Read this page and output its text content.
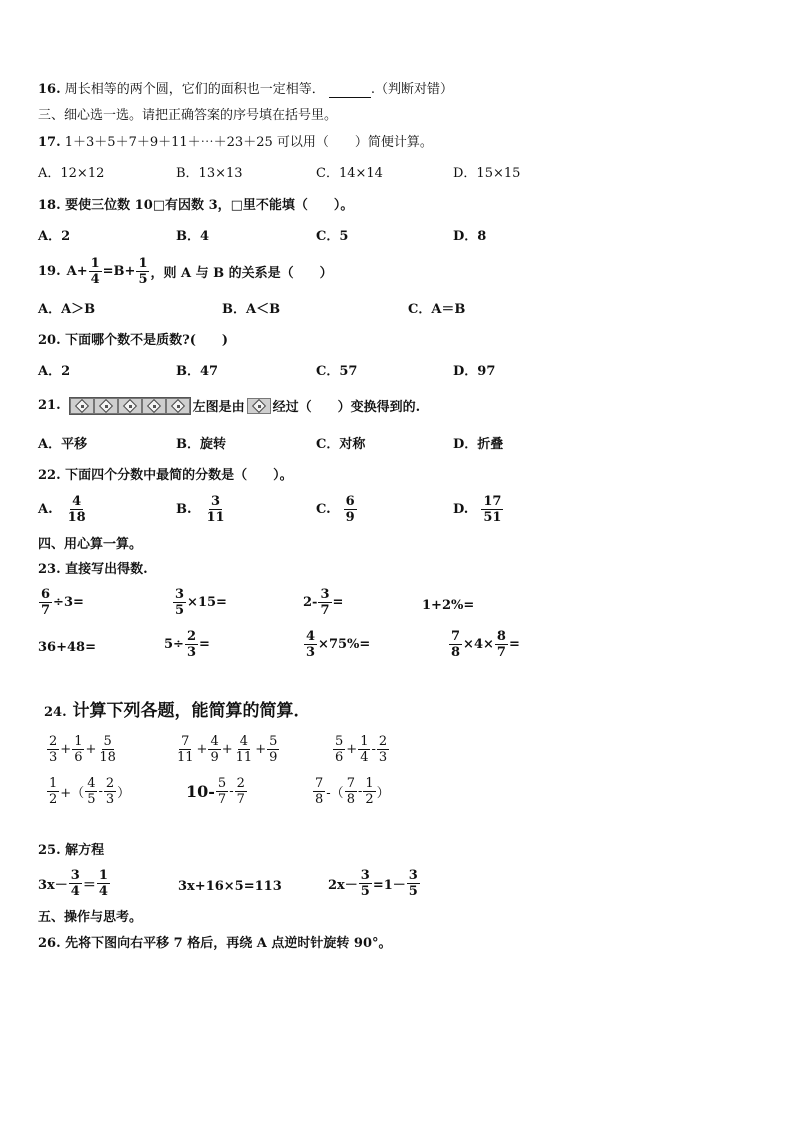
16. 周长相等的两个圆，它们的面积也一定相等．	.（判断对错）
三、细心选一选。请把正确答案的序号填在括号里。
17. 1＋3＋5＋7＋9＋11＋⋯＋23＋25 可以用（　　）简便计算。
A．12×12	B．13×13	C．14×14	D．15×15
18. 要使三位数 10□有因数 3，□里不能填（　　）。
A．2	B．4	C．5	D．8
19. $A+ \frac{1}{4} =B+ \frac{1}{5}$ ，则 A 与 B 的关系是（　　）
A．A＞B	B．A＜B	C．A＝B
20. 下面哪个数不是质数?(　　)
A．2	B．47	C．57	D．97
21.	左图是由 经过（　　）变换得到的.
A．平移	B．旋转	C．对称	D．折叠
22. 下面四个分数中最简的分数是（　　）。
A. $\frac{4}{18}$	B. $\frac{3}{11}$	C. $\frac{6}{9}$	D. $\frac{17}{51}$
四、用心算一算。
23. 直接写出得数.
$\frac{6}{7} \div 3=$	$\frac{3}{5} \times 15=$	$2- \frac{3}{7}$ =	1+2%=
36+48=	$5\div \frac{2}{3}$ =	$\frac{4}{3} \times 75\%=$	$\frac{7}{8} \times 4\times \frac{8}{7}$ =
24. 计算下列各题，能简算的简算．
$\frac{2}{3} + \frac{1}{6} + \frac{5}{18}$	$\frac{7}{11} + \frac{4}{9} + \frac{4}{11} + \frac{5}{9}$	$\frac{5}{6} + \frac{1}{4} - \frac{2}{3}$
$\frac{1}{2}$ +（ $\frac{4}{5} - \frac{2}{3}$ ）	$10- \frac{5}{7} - \frac{2}{7}$	$\frac{7}{8}$ -（ $\frac{7}{8} - \frac{1}{2}$ ）
25. 解方程
$3x- \frac{3}{4} = \frac{1}{4}$	3x+16×5=113	$2x- \frac{3}{5} =1- \frac{3}{5}$
五、操作与思考。
26. 先将下图向右平移 7 格后，再绕 A 点逆时针旋转 90°。
